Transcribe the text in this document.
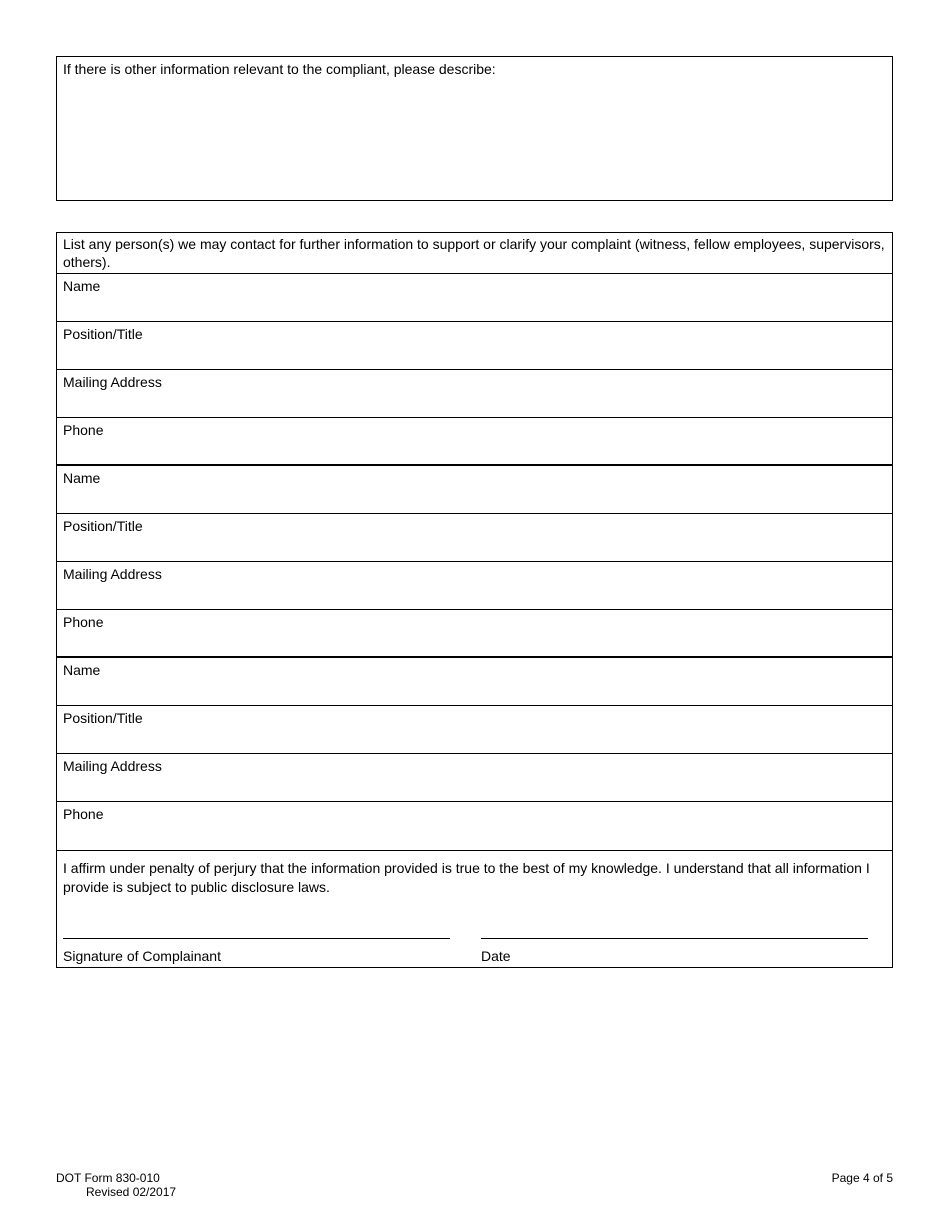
If there is other information relevant to the compliant, please describe:
List any person(s) we may contact for further information to support or clarify your complaint (witness, fellow employees, supervisors, others).
Name
Position/Title
Mailing Address
Phone
Name
Position/Title
Mailing Address
Phone
Name
Position/Title
Mailing Address
Phone
I affirm under penalty of perjury that the information provided is true to the best of my knowledge. I understand that all information I provide is subject to public disclosure laws.
Signature of Complainant	Date
DOT Form 830-010
Revised 02/2017
Page 4 of 5
